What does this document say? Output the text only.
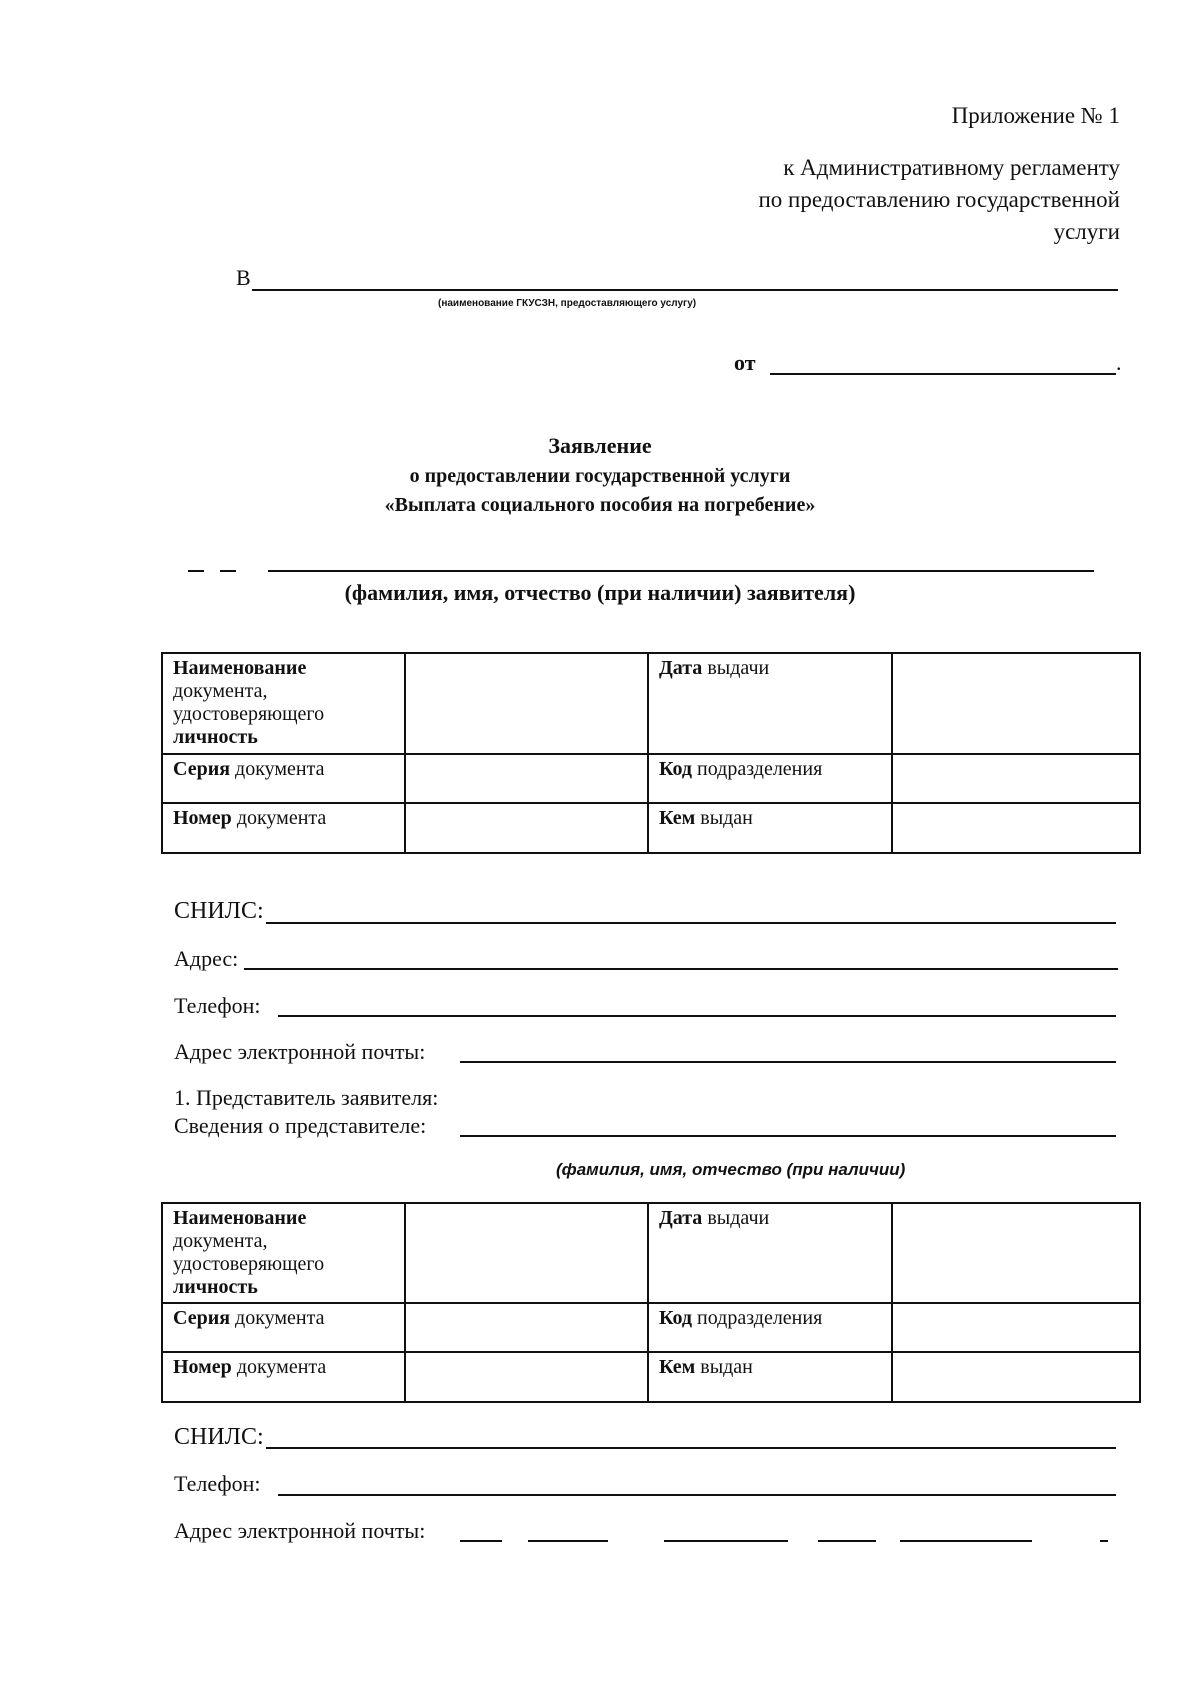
Приложение № 1
к Административному регламенту
по предоставлению государственной
услуги
В
(наименование ГКУСЗН, предоставляющего услугу)
от	.
Заявление
о предоставлении государственной услуги
«Выплата социального пособия на погребение»
(фамилия, имя, отчество (при наличии) заявителя)
Наименование
документа, удостоверяющего
личность		Дата выдачи	
Серия документа		Код подразделения	
Номер документа		Кем выдан	
СНИЛС:
Адрес:
Телефон:
Адрес электронной почты:
1. Представитель заявителя:
Сведения о представителе:
(фамилия, имя, отчество (при наличии)
Наименование
документа, удостоверяющего
личность		Дата выдачи	
Серия документа		Код подразделения	
Номер документа		Кем выдан	
СНИЛС:
Телефон:
Адрес электронной почты:
